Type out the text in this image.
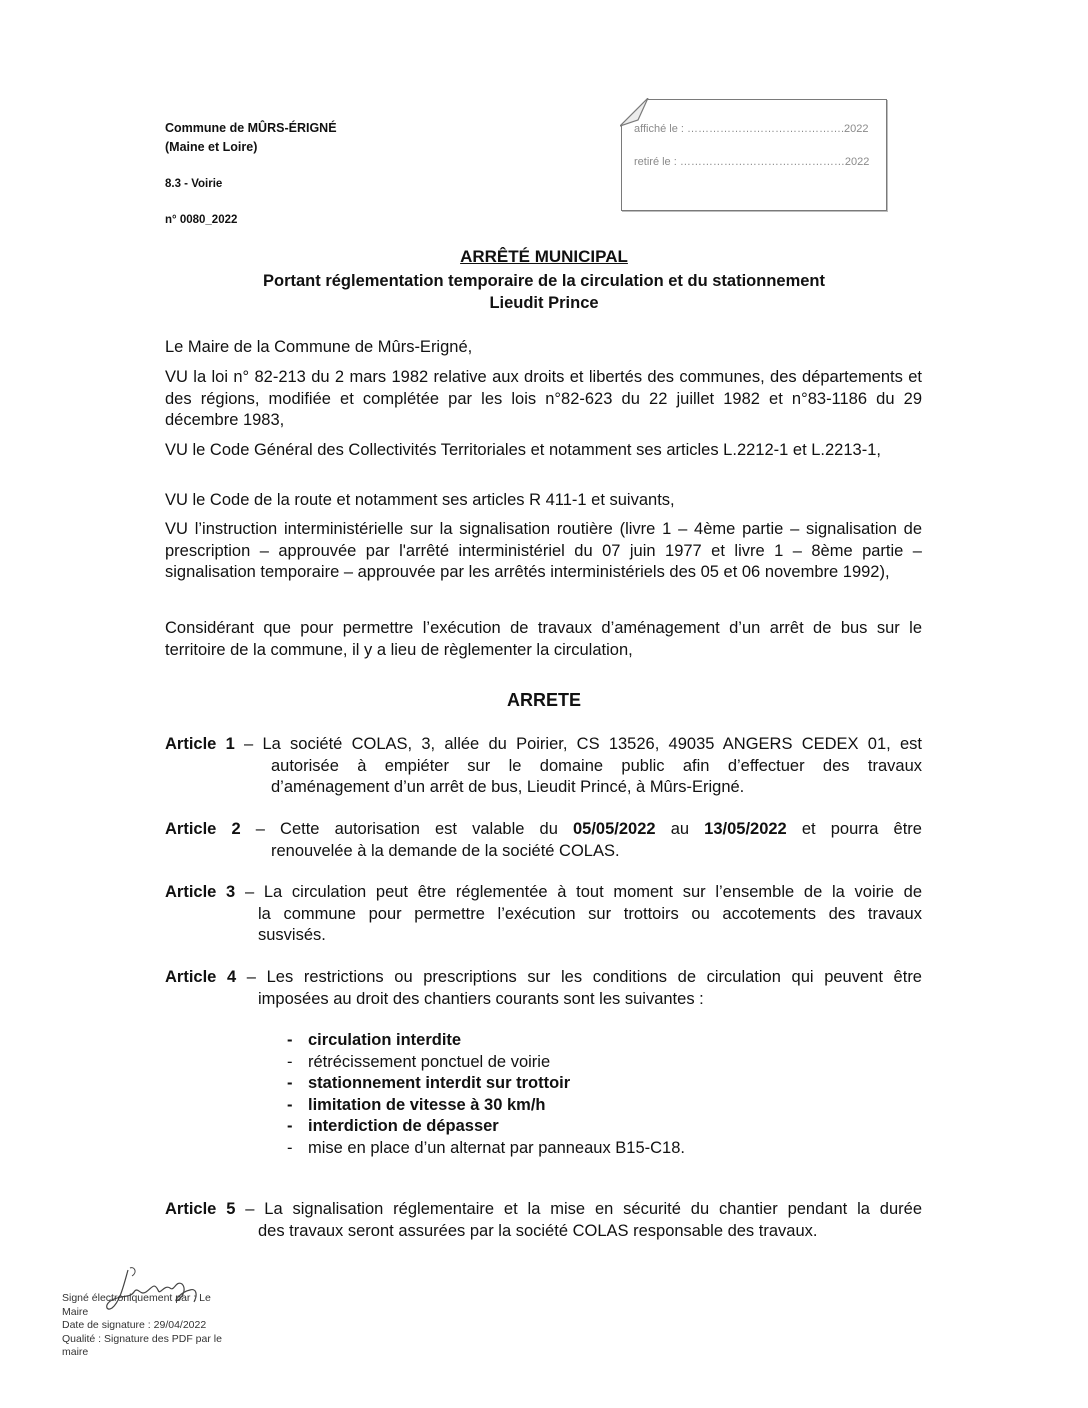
Commune de MÛRS-ÉRIGNÉ
(Maine et Loire)
8.3 - Voirie
n° 0080_2022
affiché le : …………………………………….2022
retiré le : ………………………………………2022
ARRÊTÉ MUNICIPAL
Portant réglementation temporaire de la circulation et du stationnement
Lieudit Prince

Le Maire de la Commune de Mûrs-Erigné,

VU la loi n° 82-213 du 2 mars 1982 relative aux droits et libertés des communes, des départements et des régions, modifiée et complétée par les lois n°82-623 du 22 juillet 1982 et n°83-1186 du 29 décembre 1983,

VU le Code Général des Collectivités Territoriales et notamment ses articles L.2212-1 et L.2213-1,

VU le Code de la route et notamment ses articles R 411-1 et suivants,

VU l’instruction interministérielle sur la signalisation routière (livre 1 – 4ème partie – signalisation de prescription – approuvée par l'arrêté interministériel du 07 juin 1977 et livre 1 – 8ème partie – signalisation temporaire – approuvée par les arrêtés interministériels des 05 et 06 novembre 1992),

Considérant que pour permettre l’exécution de travaux d’aménagement d’un arrêt de bus sur le territoire de la commune, il y a lieu de règlementer la circulation,

ARRETE
Article 1 – La société COLAS, 3, allée du Poirier, CS 13526, 49035 ANGERS CEDEX 01, est
autorisée à empiéter sur le domaine public afin d’effectuer des travaux
d’aménagement d’un arrêt de bus, Lieudit Princé, à Mûrs-Erigné.
Article 2 – Cette autorisation est valable du 05/05/2022 au 13/05/2022 et pourra être
renouvelée à la demande de la société COLAS.
Article 3 – La circulation peut être réglementée à tout moment sur l’ensemble de la voirie de
la commune pour permettre l’exécution sur trottoirs ou accotements des travaux
susvisés.
Article 4 – Les restrictions ou prescriptions sur les conditions de circulation qui peuvent être
imposées au droit des chantiers courants sont les suivantes :
- circulation interdite
- rétrécissement ponctuel de voirie
- stationnement interdit sur trottoir
- limitation de vitesse à 30 km/h
- interdiction de dépasser
- mise en place d’un alternat par panneaux B15-C18.
Article 5 – La signalisation réglementaire et la mise en sécurité du chantier pendant la durée
des travaux seront assurées par la société COLAS responsable des travaux.
Signé électroniquement par : Le Maire
Date de signature : 29/04/2022
Qualité : Signature des PDF par le maire
